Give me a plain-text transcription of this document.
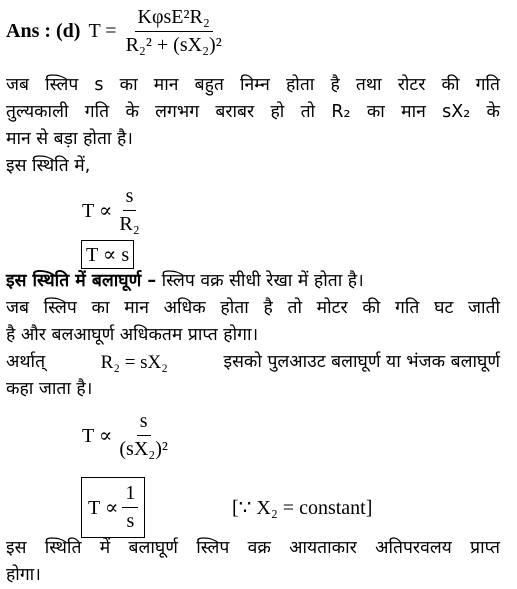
Ans : (d) $T = \frac{\text{KφsE²R₂}}{\text{R₂² + (sX₂)²}}$
जब स्लिप s का मान बहुत निम्न होता है तथा रोटर की गति
तुल्यकाली गति के लगभग बराबर हो तो R₂ का मान sX₂ के
मान से बड़ा होता है।
इस स्थिति में,
$T \propto \frac{s}{\text{R₂}}$
T ∝ s
इस स्थिति में बलाघूर्ण – स्लिप वक्र सीधी रेखा में होता है।
जब स्लिप का मान अधिक होता है तो मोटर की गति घट जाती
है और बलआघूर्ण अधिकतम प्राप्त होगा।
अर्थात्	R₂ = sX₂	इसको पुलआउट बलाघूर्ण या भंजक बलाघूर्ण
कहा जाता है।
$T \propto \frac{s}{\text{(sX₂)²}}$
$T \propto \frac{1}{s}$	[∵ X₂ = constant]
इस स्थिति में बलाघूर्ण स्लिप वक्र आयताकार अतिपरवलय प्राप्त
होगा।
